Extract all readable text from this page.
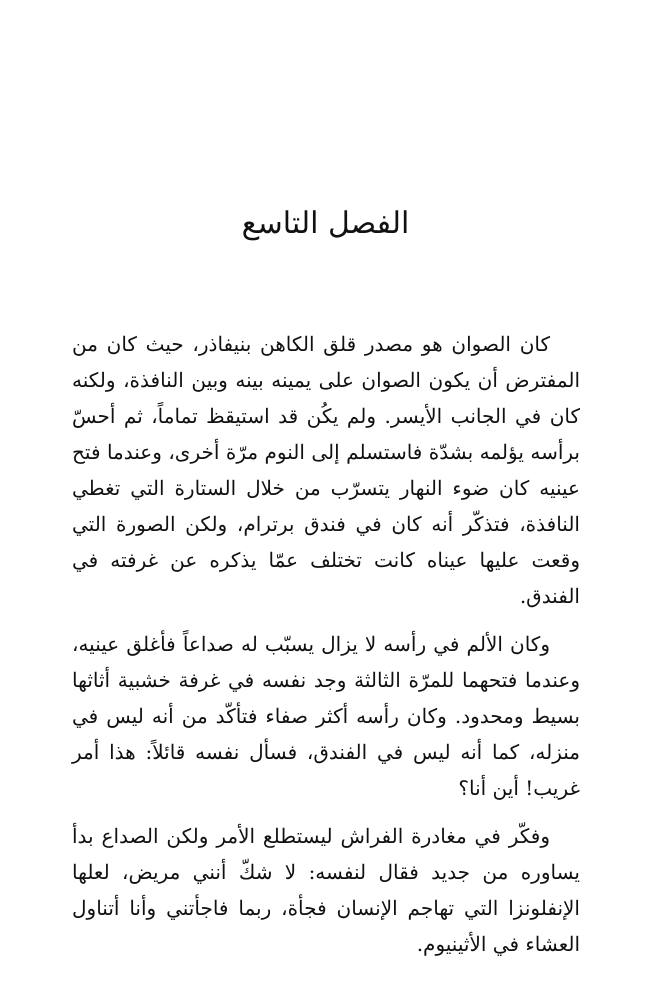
الفصل التاسع

كان الصوان هو مصدر قلق الكاهن بنيفاذر، حيث كان من المفترض أن يكون الصوان على يمينه بينه وبين النافذة، ولكنه كان في الجانب الأيسر. ولم يكُن قد استيقظ تماماً، ثم أحسّ برأسه يؤلمه بشدّة فاستسلم إلى النوم مرّة أخرى، وعندما فتح عينيه كان ضوء النهار يتسرّب من خلال الستارة التي تغطي النافذة، فتذكّر أنه كان في فندق برترام، ولكن الصورة التي وقعت عليها عيناه كانت تختلف عمّا يذكره عن غرفته في الفندق.

وكان الألم في رأسه لا يزال يسبّب له صداعاً فأغلق عينيه، وعندما فتحهما للمرّة الثالثة وجد نفسه في غرفة خشبية أثاثها بسيط ومحدود. وكان رأسه أكثر صفاء فتأكّد من أنه ليس في منزله، كما أنه ليس في الفندق، فسأل نفسه قائلاً: هذا أمر غريب! أين أنا؟

وفكّر في مغادرة الفراش ليستطلع الأمر ولكن الصداع بدأ يساوره من جديد فقال لنفسه: لا شكّ أنني مريض، لعلها الإنفلونزا التي تهاجم الإنسان فجأة، ربما فاجأتني وأنا أتناول العشاء في الأثينيوم.
